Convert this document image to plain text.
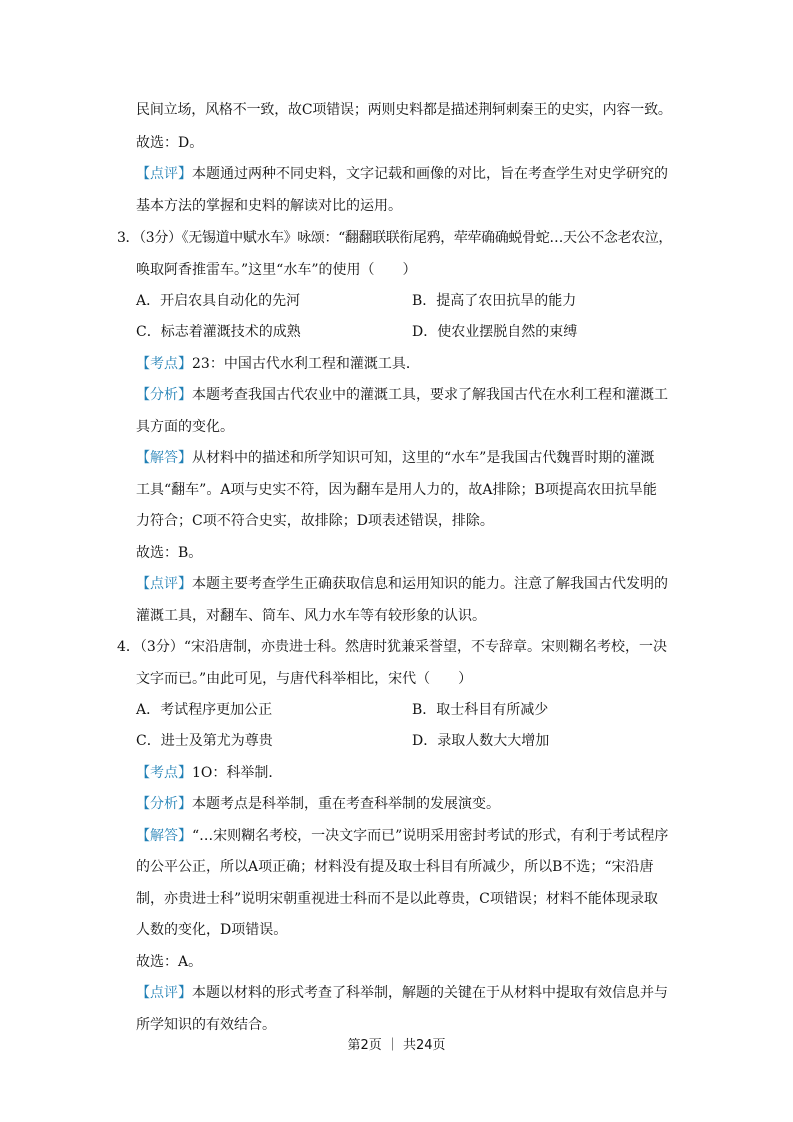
民间立场，风格不一致，故C项错误；两则史料都是描述荆轲刺秦王的史实，内容一致。
故选：D。
【点评】本题通过两种不同史料，文字记载和画像的对比，旨在考查学生对史学研究的
基本方法的掌握和史料的解读对比的运用。
3．（3分）《无锡道中赋水车》咏颂：“翻翻联联衔尾鸦，荦荦确确蜕骨蛇…天公不念老农泣，
唤取阿香推雷车。”这里“水车”的使用（　　）
A．开启农具自动化的先河	B．提高了农田抗旱的能力
C．标志着灌溉技术的成熟	D．使农业摆脱自然的束缚
【考点】23：中国古代水利工程和灌溉工具．
【分析】本题考查我国古代农业中的灌溉工具，要求了解我国古代在水利工程和灌溉工
具方面的变化。
【解答】从材料中的描述和所学知识可知，这里的“水车”是我国古代魏晋时期的灌溉
工具“翻车”。A项与史实不符，因为翻车是用人力的，故A排除；B项提高农田抗旱能
力符合；C项不符合史实，故排除；D项表述错误，排除。
故选：B。
【点评】本题主要考查学生正确获取信息和运用知识的能力。注意了解我国古代发明的
灌溉工具，对翻车、筒车、风力水车等有较形象的认识。
4．（3分）“宋沿唐制，亦贵进士科。然唐时犹兼采誉望，不专辞章。宋则糊名考校，一决
文字而已。”由此可见，与唐代科举相比，宋代（　　）
A．考试程序更加公正	B．取士科目有所减少
C．进士及第尤为尊贵	D．录取人数大大增加
【考点】1O：科举制．
【分析】本题考点是科举制，重在考查科举制的发展演变。
【解答】“…宋则糊名考校，一决文字而已”说明采用密封考试的形式，有利于考试程序
的公平公正，所以A项正确；材料没有提及取士科目有所减少，所以B不选；“宋沿唐
制，亦贵进士科”说明宋朝重视进士科而不是以此尊贵，C项错误；材料不能体现录取
人数的变化，D项错误。
故选：A。
【点评】本题以材料的形式考查了科举制，解题的关键在于从材料中提取有效信息并与
所学知识的有效结合。
第2页 ｜ 共24页
